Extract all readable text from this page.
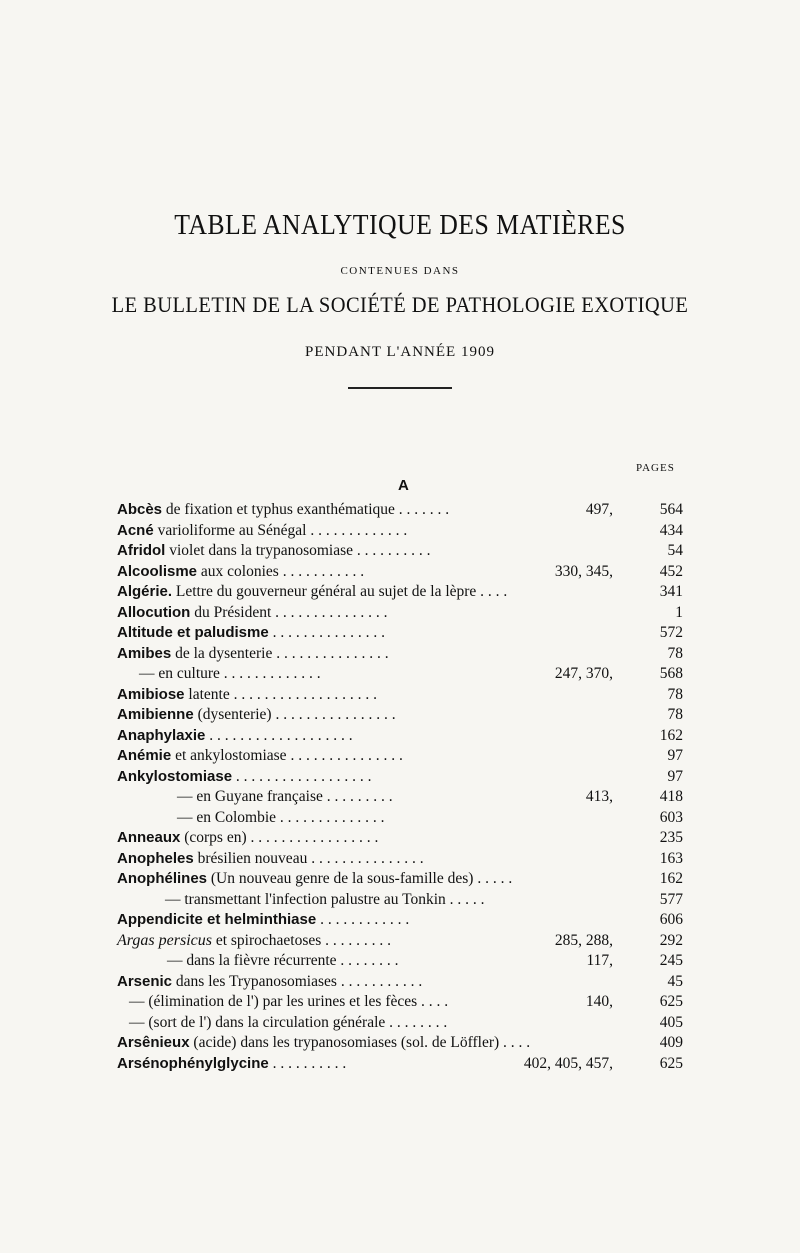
TABLE ANALYTIQUE DES MATIÈRES
CONTENUES DANS
LE BULLETIN DE LA SOCIÉTÉ DE PATHOLOGIE EXOTIQUE
PENDANT L'ANNÉE 1909
PAGES
A
Abcès de fixation et typhus exanthématique . . . . . . .	497,	564
Acné varioliforme au Sénégal . . . . . . . . . . . . .	434
Afridol violet dans la trypanosomiase . . . . . . . . . .	54
Alcoolisme aux colonies . . . . . . . . . . .	330, 345,	452
Algérie. Lettre du gouverneur général au sujet de la lèpre . . . .	341
Allocution du Président . . . . . . . . . . . . . . .	1
Altitude et paludisme . . . . . . . . . . . . . . .	572
Amibes de la dysenterie . . . . . . . . . . . . . . .	78
— en culture . . . . . . . . . . . . .	247, 370,	568
Amibiose latente . . . . . . . . . . . . . . . . . . .	78
Amibienne (dysenterie) . . . . . . . . . . . . . . . .	78
Anaphylaxie . . . . . . . . . . . . . . . . . . .	162
Anémie et ankylostomiase . . . . . . . . . . . . . . .	97
Ankylostomiase . . . . . . . . . . . . . . . . . .	97
— en Guyane française . . . . . . . . .	413,	418
— en Colombie . . . . . . . . . . . . . .	603
Anneaux (corps en) . . . . . . . . . . . . . . . . .	235
Anopheles brésilien nouveau . . . . . . . . . . . . . . .	163
Anophélines (Un nouveau genre de la sous-famille des) . . . . .	162
— transmettant l'infection palustre au Tonkin . . . . .	577
Appendicite et helminthiase . . . . . . . . . . . .	606
Argas persicus et spirochaetoses . . . . . . . . .	285, 288,	292
— dans la fièvre récurrente . . . . . . . .	117,	245
Arsenic dans les Trypanosomiases . . . . . . . . . . .	45
— (élimination de l') par les urines et les fèces . . . .	140,	625
— (sort de l') dans la circulation générale . . . . . . . .	405
Arsênieux (acide) dans les trypanosomiases (sol. de Löffler) . . . .	409
Arsénophénylglycine . . . . . . . . . .	402, 405, 457,	625
